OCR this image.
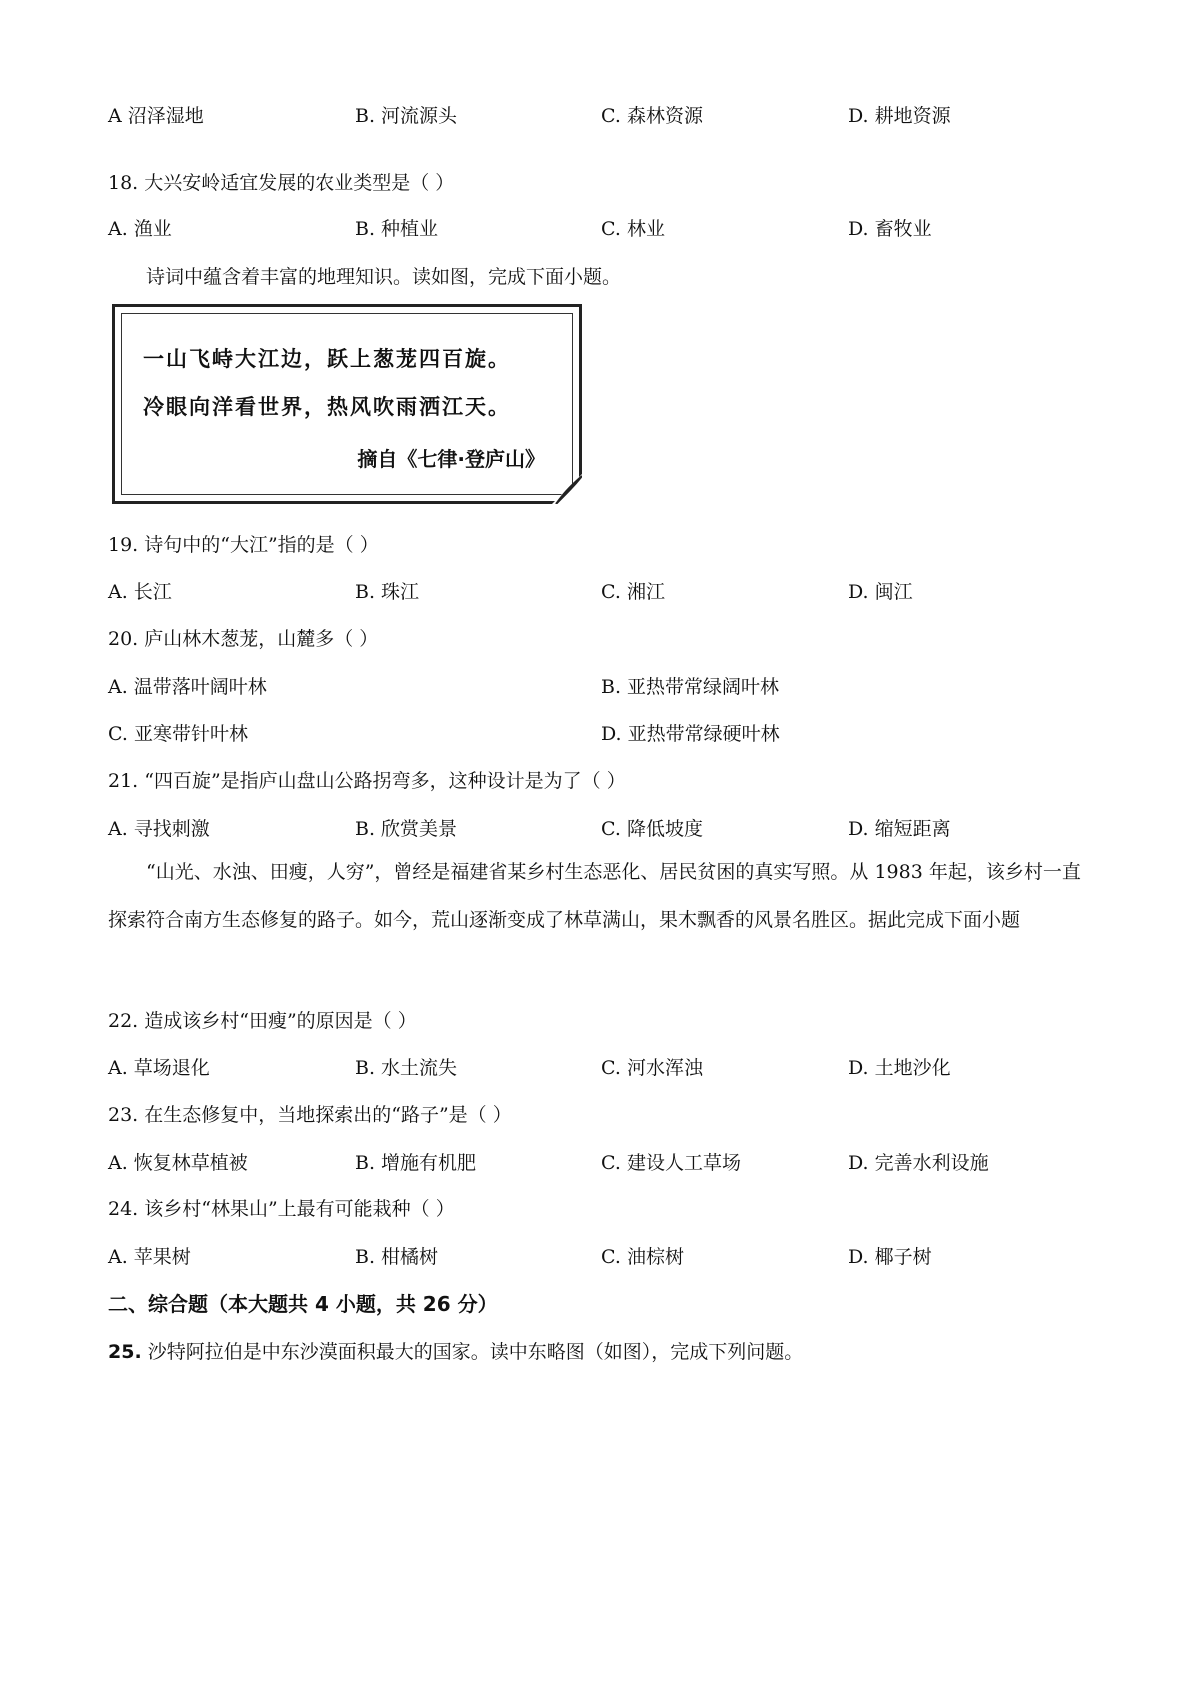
A 沼泽湿地	B. 河流源头	C. 森林资源	D. 耕地资源
18. 大兴安岭适宜发展的农业类型是（ ）
A. 渔业	B. 种植业	C. 林业	D. 畜牧业
诗词中蕴含着丰富的地理知识。读如图，完成下面小题。
一山飞峙大江边，跃上葱茏四百旋。
冷眼向洋看世界，热风吹雨洒江天。
摘自《七律·登庐山》
19. 诗句中的“大江”指的是（ ）
A. 长江	B. 珠江	C. 湘江	D. 闽江
20. 庐山林木葱茏，山麓多（ ）
A. 温带落叶阔叶林	B. 亚热带常绿阔叶林
C. 亚寒带针叶林	D. 亚热带常绿硬叶林
21. “四百旋”是指庐山盘山公路拐弯多，这种设计是为了（ ）
A. 寻找刺激	B. 欣赏美景	C. 降低坡度	D. 缩短距离
“山光、水浊、田瘦，人穷”，曾经是福建省某乡村生态恶化、居民贫困的真实写照。从 1983 年起，该乡村一直探索符合南方生态修复的路子。如今，荒山逐渐变成了林草满山，果木飘香的风景名胜区。据此完成下面小题
22. 造成该乡村“田瘦”的原因是（ ）
A. 草场退化	B. 水土流失	C. 河水浑浊	D. 土地沙化
23. 在生态修复中，当地探索出的“路子”是（ ）
A. 恢复林草植被	B. 增施有机肥	C. 建设人工草场	D. 完善水利设施
24. 该乡村“林果山”上最有可能栽种（ ）
A. 苹果树	B. 柑橘树	C. 油棕树	D. 椰子树
二、综合题（本大题共 4 小题，共 26 分）
25. 沙特阿拉伯是中东沙漠面积最大的国家。读中东略图（如图），完成下列问题。
